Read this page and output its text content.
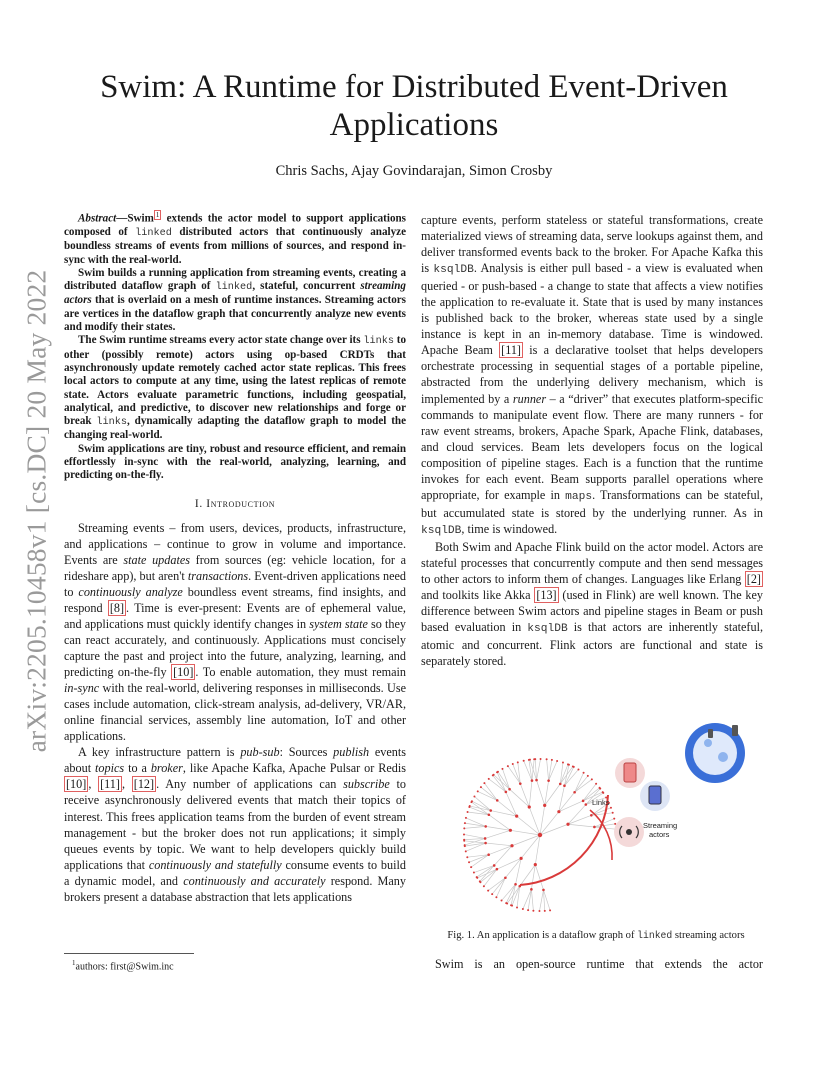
arXiv:2205.10458v1 [cs.DC] 20 May 2022
Swim: A Runtime for Distributed Event-Driven Applications
Chris Sachs, Ajay Govindarajan, Simon Crosby

Abstract—Swim $^1$ extends the actor model to support applications composed of linked distributed actors that continuously analyze boundless streams of events from millions of sources, and respond in-sync with the real-world.

Swim builds a running application from streaming events, creating a distributed dataflow graph of linked, stateful, concurrent streaming actors that is overlaid on a mesh of runtime instances. Streaming actors are vertices in the dataflow graph that concurrently analyze new events and modify their states.

The Swim runtime streams every actor state change over its links to other (possibly remote) actors using op-based CRDTs that asynchronously update remotely cached actor state replicas. This frees local actors to compute at any time, using the latest replicas of remote state. Actors evaluate parametric functions, including geospatial, analytical, and predictive, to discover new relationships and forge or break links, dynamically adapting the dataflow graph to model the changing real-world.

Swim applications are tiny, robust and resource efficient, and remain effortlessly in-sync with the real-world, analyzing, learning, and predicting on-the-fly.

I. Introduction

Streaming events – from users, devices, products, infrastructure, and applications – continue to grow in volume and importance. Events are state updates from sources (eg: vehicle location, for a rideshare app), but aren't transactions. Event-driven applications need to continuously analyze boundless event streams, find insights, and respond [8] . Time is ever-present: Events are of ephemeral value, and applications must quickly identify changes in system state so they can react accurately, and continuously. Applications must concisely capture the past and project into the future, analyzing, learning, and predicting on-the-fly [10] . To enable automation, they must remain in-sync with the real-world, delivering responses in milliseconds. Use cases include automation, click-stream analysis, ad-delivery, VR/AR, online financial services, assembly line automation, IoT and other applications.

A key infrastructure pattern is pub-sub: Sources publish events about topics to a broker, like Apache Kafka, Apache Pulsar or Redis [10] , [11] , [12] . Any number of applications can subscribe to receive asynchronously delivered events that match their topics of interest. This frees application teams from the burden of event stream management - but the broker does not run applications; it simply queues events by topic. We want to help developers quickly build applications that continuously and statefully consume events to build a dynamic model, and continuously and accurately respond. Many brokers present a database abstraction that lets applications

capture events, perform stateless or stateful transformations, create materialized views of streaming data, serve lookups against them, and deliver transformed events back to the broker. For Apache Kafka this is ksqlDB. Analysis is either pull based - a view is evaluated when queried - or push-based - a change to state that affects a view notifies the application to re-evaluate it. State that is used by many instances is published back to the broker, whereas state used by a single instance is kept in an in-memory database. Time is windowed. Apache Beam [11] is a declarative toolset that helps developers orchestrate processing in sequential stages of a portable pipeline, abstracted from the underlying delivery mechanism, which is implemented by a runner – a “driver” that executes platform-specific commands to manipulate event flow. There are many runners - for raw event streams, brokers, Apache Spark, Apache Flink, databases, and cloud services. Beam lets developers focus on the logical composition of pipeline stages. Each is a function that the runtime invokes for each event. Beam supports parallel operations where appropriate, for example in maps. Transformations can be stateful, but accumulated state is stored by the underlying runner. As in ksqlDB, time is windowed.

Both Swim and Apache Flink build on the actor model. Actors are stateful processes that concurrently compute and then send messages to other actors to inform them of changes. Languages like Erlang [2] and toolkits like Akka [13] (used in Flink) are well known. The key difference between Swim actors and pipeline stages in Beam or push based evaluation in ksqlDB is that actors are inherently stateful, atomic and concurrent. Flink actors are functional and state is separately stored.

Links
Streaming
actors
Fig. 1. An application is a dataflow graph of linked streaming actors
$^1$authors: first@Swim.inc	Swim is an open-source runtime that extends the actor
